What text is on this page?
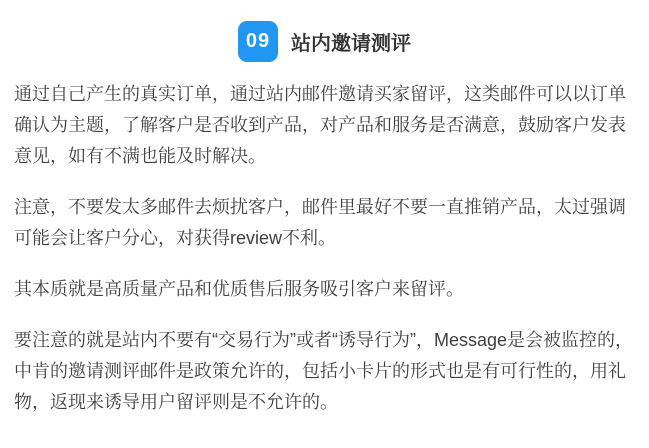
09	站内邀请测评

通过自己产生的真实订单，通过站内邮件邀请买家留评，这类邮件可以以订单确认为主题，了解客户是否收到产品，对产品和服务是否满意，鼓励客户发表意见，如有不满也能及时解决。

注意，不要发太多邮件去烦扰客户，邮件里最好不要一直推销产品，太过强调可能会让客户分心，对获得review不利。

其本质就是高质量产品和优质售后服务吸引客户来留评。

要注意的就是站内不要有“交易行为”或者“诱导行为”，Message是会被监控的，中肯的邀请测评邮件是政策允许的，包括小卡片的形式也是有可行性的，用礼物，返现来诱导用户留评则是不允许的。
